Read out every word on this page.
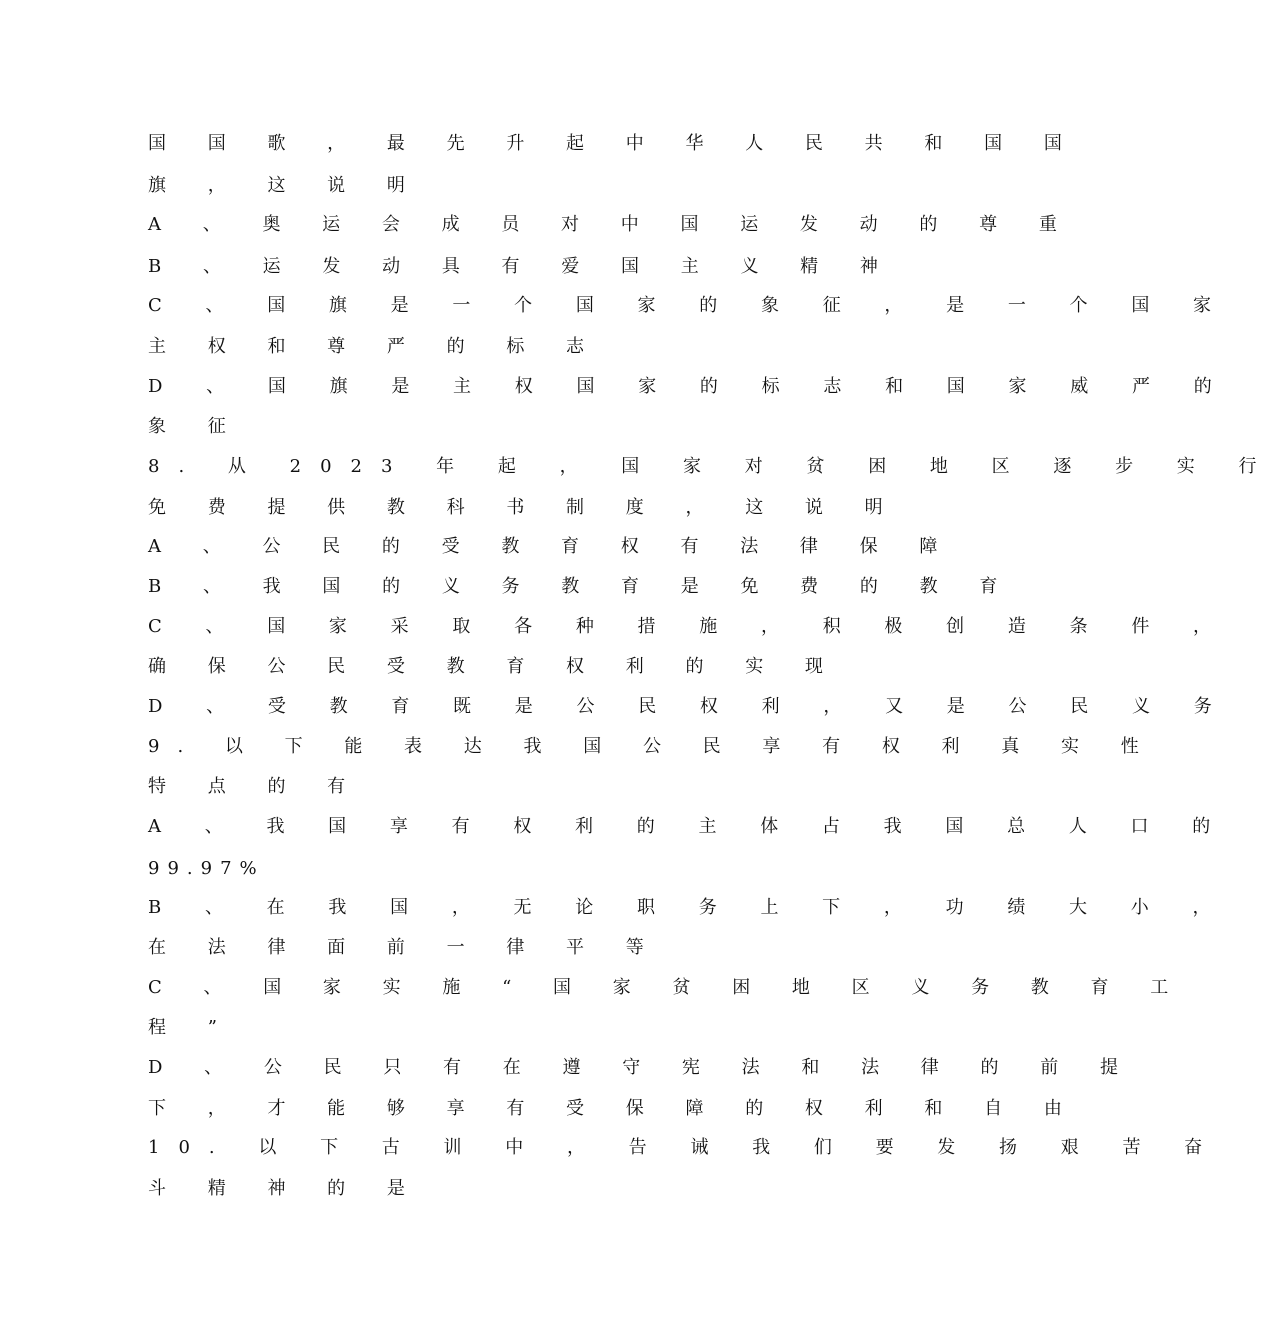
国 国 歌 ， 最 先 升 起 中 华 人 民 共 和 国 国
旗 ， 这 说 明
A 、 奥 运 会 成 员 对 中 国 运 发 动 的 尊 重
B 、 运 发 动 具 有 爱 国 主 义 精 神
C 、 国 旗 是 一 个 国 家 的 象 征 ， 是 一 个 国 家
主 权 和 尊 严 的 标 志
D 、 国 旗 是 主 权 国 家 的 标 志 和 国 家 威 严 的
象 征
8. 从 2023 年 起 ， 国 家 对 贫 困 地 区 逐 步 实 行
免 费 提 供 教 科 书 制 度 ， 这 说 明
A 、 公 民 的 受 教 育 权 有 法 律 保 障
B 、 我 国 的 义 务 教 育 是 免 费 的 教 育
C 、 国 家 采 取 各 种 措 施 ， 积 极 创 造 条 件 ，
确 保 公 民 受 教 育 权 利 的 实 现
D 、 受 教 育 既 是 公 民 权 利 ， 又 是 公 民 义 务
9. 以 下 能 表 达 我 国 公 民 享 有 权 利 真 实 性
特 点 的 有
A 、 我 国 享 有 权 利 的 主 体 占 我 国 总 人 口 的
99.97%
B 、 在 我 国 ， 无 论 职 务 上 下 ， 功 绩 大 小 ，
在 法 律 面 前 一 律 平 等
C 、 国 家 实 施 “ 国 家 贫 困 地 区 义 务 教 育 工
程 ”
D 、 公 民 只 有 在 遵 守 宪 法 和 法 律 的 前 提
下 ， 才 能 够 享 有 受 保 障 的 权 利 和 自 由
10. 以 下 古 训 中 ， 告 诫 我 们 要 发 扬 艰 苦 奋
斗 精 神 的 是
